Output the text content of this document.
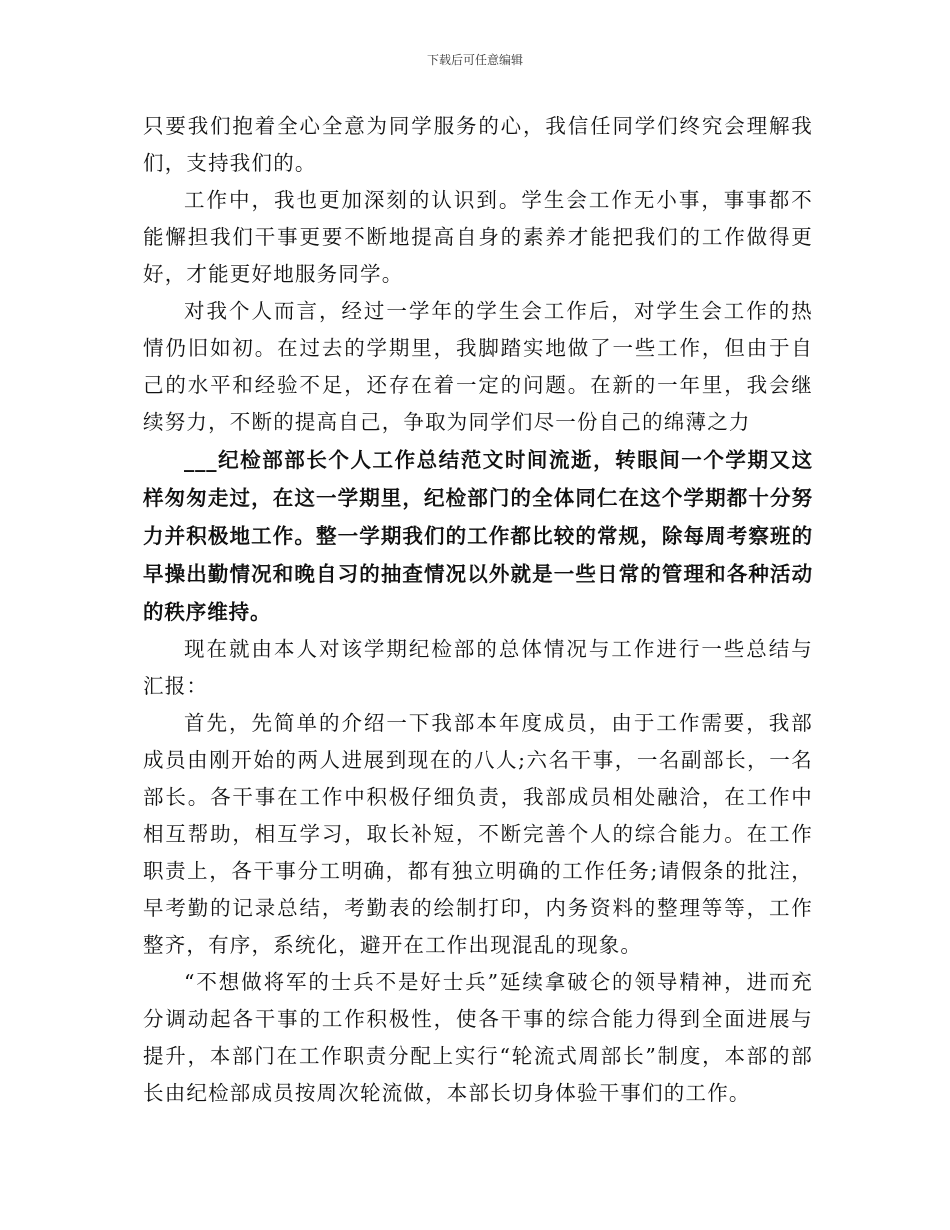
下载后可任意编辑

只要我们抱着全心全意为同学服务的心，我信任同学们终究会理解我们，支持我们的。

工作中，我也更加深刻的认识到。学生会工作无小事，事事都不能懈担我们干事更要不断地提高自身的素养才能把我们的工作做得更好，才能更好地服务同学。

对我个人而言，经过一学年的学生会工作后，对学生会工作的热情仍旧如初。在过去的学期里，我脚踏实地做了一些工作，但由于自己的水平和经验不足，还存在着一定的问题。在新的一年里，我会继续努力，不断的提高自己，争取为同学们尽一份自己的绵薄之力

___纪检部部长个人工作总结范文时间流逝，转眼间一个学期又这样匆匆走过，在这一学期里，纪检部门的全体同仁在这个学期都十分努力并积极地工作。整一学期我们的工作都比较的常规，除每周考察班的早操出勤情况和晚自习的抽查情况以外就是一些日常的管理和各种活动的秩序维持。

现在就由本人对该学期纪检部的总体情况与工作进行一些总结与汇报：

首先，先简单的介绍一下我部本年度成员，由于工作需要，我部成员由刚开始的两人进展到现在的八人;六名干事，一名副部长，一名部长。各干事在工作中积极仔细负责，我部成员相处融洽，在工作中相互帮助，相互学习，取长补短，不断完善个人的综合能力。在工作职责上，各干事分工明确，都有独立明确的工作任务;请假条的批注，早考勤的记录总结，考勤表的绘制打印，内务资料的整理等等，工作整齐，有序，系统化，避开在工作出现混乱的现象。

“不想做将军的士兵不是好士兵”延续拿破仑的领导精神，进而充分调动起各干事的工作积极性，使各干事的综合能力得到全面进展与提升，本部门在工作职责分配上实行“轮流式周部长”制度，本部的部长由纪检部成员按周次轮流做，本部长切身体验干事们的工作。
